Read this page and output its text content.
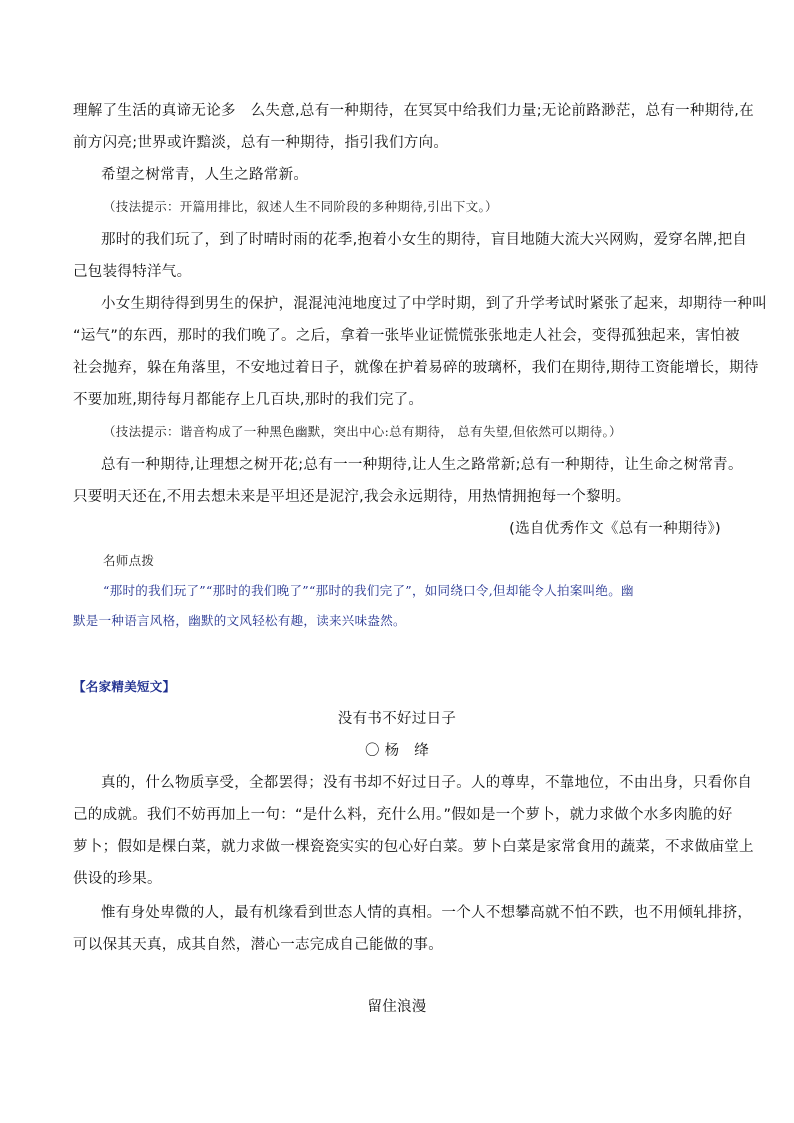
理解了生活的真谛无论多　么失意,总有一种期待，在冥冥中给我们力量;无论前路渺茫，总有一种期待,在
前方闪亮;世界或许黯淡，总有一种期待，指引我们方向。
希望之树常青，人生之路常新。
（技法提示：开篇用排比，叙述人生不同阶段的多种期待,引出下文。）
那时的我们玩了，到了时晴时雨的花季,抱着小女生的期待，盲目地随大流大兴网购，爱穿名牌,把自
己包装得特洋气。
小女生期待得到男生的保护，混混沌沌地度过了中学时期，到了升学考试时紧张了起来，却期待一种叫
“运气”的东西，那时的我们晚了。之后，拿着一张毕业证慌慌张张地走人社会，变得孤独起来，害怕被
社会抛弃，躲在角落里，不安地过着日子，就像在护着易碎的玻璃杯，我们在期待,期待工资能增长，期待
不要加班,期待每月都能存上几百块,那时的我们完了。
（技法提示：谐音构成了一种黑色幽默，突出中心:总有期待， 总有失望,但依然可以期待。）
总有一种期待,让理想之树开花;总有一一种期待,让人生之路常新;总有一种期待，让生命之树常青。
只要明天还在,不用去想未来是平坦还是泥泞,我会永远期待，用热情拥抱每一个黎明。
(选自优秀作文《总有一种期待》)
名师点拨
“那时的我们玩了”“那时的我们晚了”“那时的我们完了”，如同绕口令,但却能令人拍案叫绝。幽
默是一种语言风格，幽默的文风轻松有趣，读来兴味盎然。
【名家精美短文】
没有书不好过日子
〇 杨　绛
真的，什么物质享受，全都罢得；没有书却不好过日子。人的尊卑，不靠地位，不由出身，只看你自
己的成就。我们不妨再加上一句：“是什么料，充什么用。”假如是一个萝卜，就力求做个水多肉脆的好
萝卜；假如是棵白菜，就力求做一棵瓷瓷实实的包心好白菜。萝卜白菜是家常食用的蔬菜，不求做庙堂上
供设的珍果。
惟有身处卑微的人，最有机缘看到世态人情的真相。一个人不想攀高就不怕不跌，也不用倾轧排挤，
可以保其天真，成其自然，潜心一志完成自己能做的事。
留住浪漫
